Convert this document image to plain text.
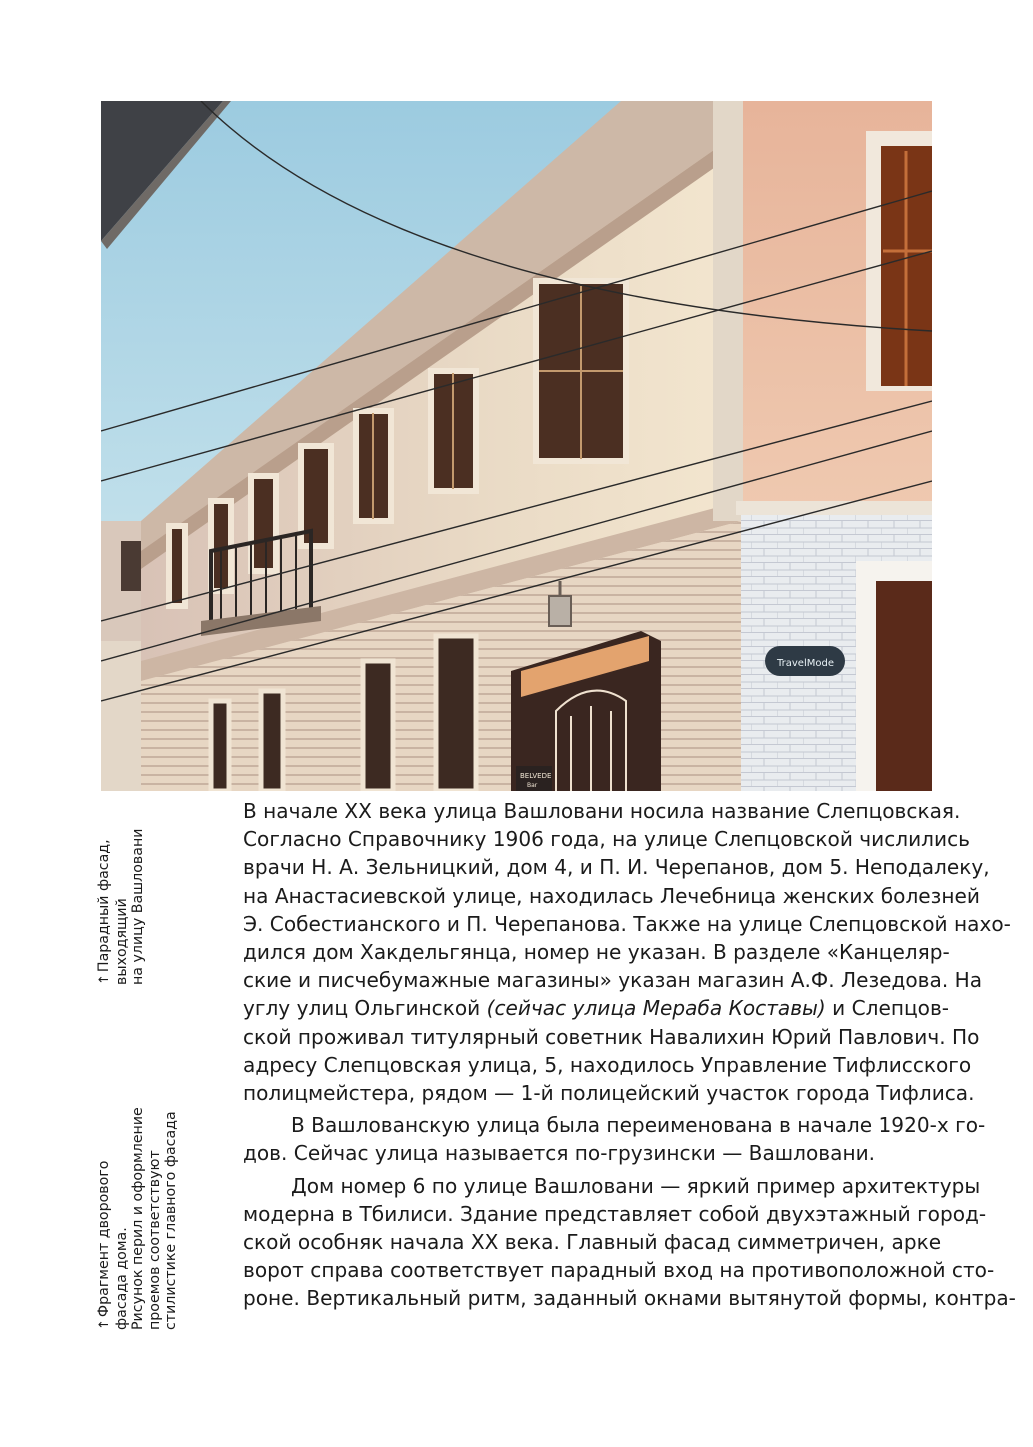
BELVEDE
Bar
TravelMode
↑Парадный фасад, выходящий на улицу Вашловани
↑Фрагмент дворового фасада дома. Рисунок перил и оформление проемов соответствуют стилистике главного фасада
В начале XX века улица Вашловани носила название Слепцовская.
Согласно Справочнику 1906 года, на улице Слепцовской числились
врачи Н. А. Зельницкий, дом 4, и П. И. Черепанов, дом 5. Неподалеку,
на Анастасиевской улице, находилась Лечебница женских болезней
Э. Собестианского и П. Черепанова. Также на улице Слепцовской нахо-
дился дом Хакдельгянца, номер не указан. В разделе «Канцеляр-
ские и писчебумажные магазины» указан магазин А.Ф. Лезедова. На
углу улиц Ольгинской (сейчас улица Мераба Коставы) и Слепцов-
ской проживал титулярный советник Навалихин Юрий Павлович. По
адресу Слепцовская улица, 5, находилось Управление Тифлисского
полицмейстера, рядом — 1-й полицейский участок города Тифлиса.
В Вашлованскую улица была переименована в начале 1920-х го-
дов. Сейчас улица называется по-грузински — Вашловани.
Дом номер 6 по улице Вашловани — яркий пример архитектуры
модерна в Тбилиси. Здание представляет собой двухэтажный город-
ской особняк начала XX века. Главный фасад симметричен, арке
ворот справа соответствует парадный вход на противоположной сто-
роне. Вертикальный ритм, заданный окнами вытянутой формы, контра-
